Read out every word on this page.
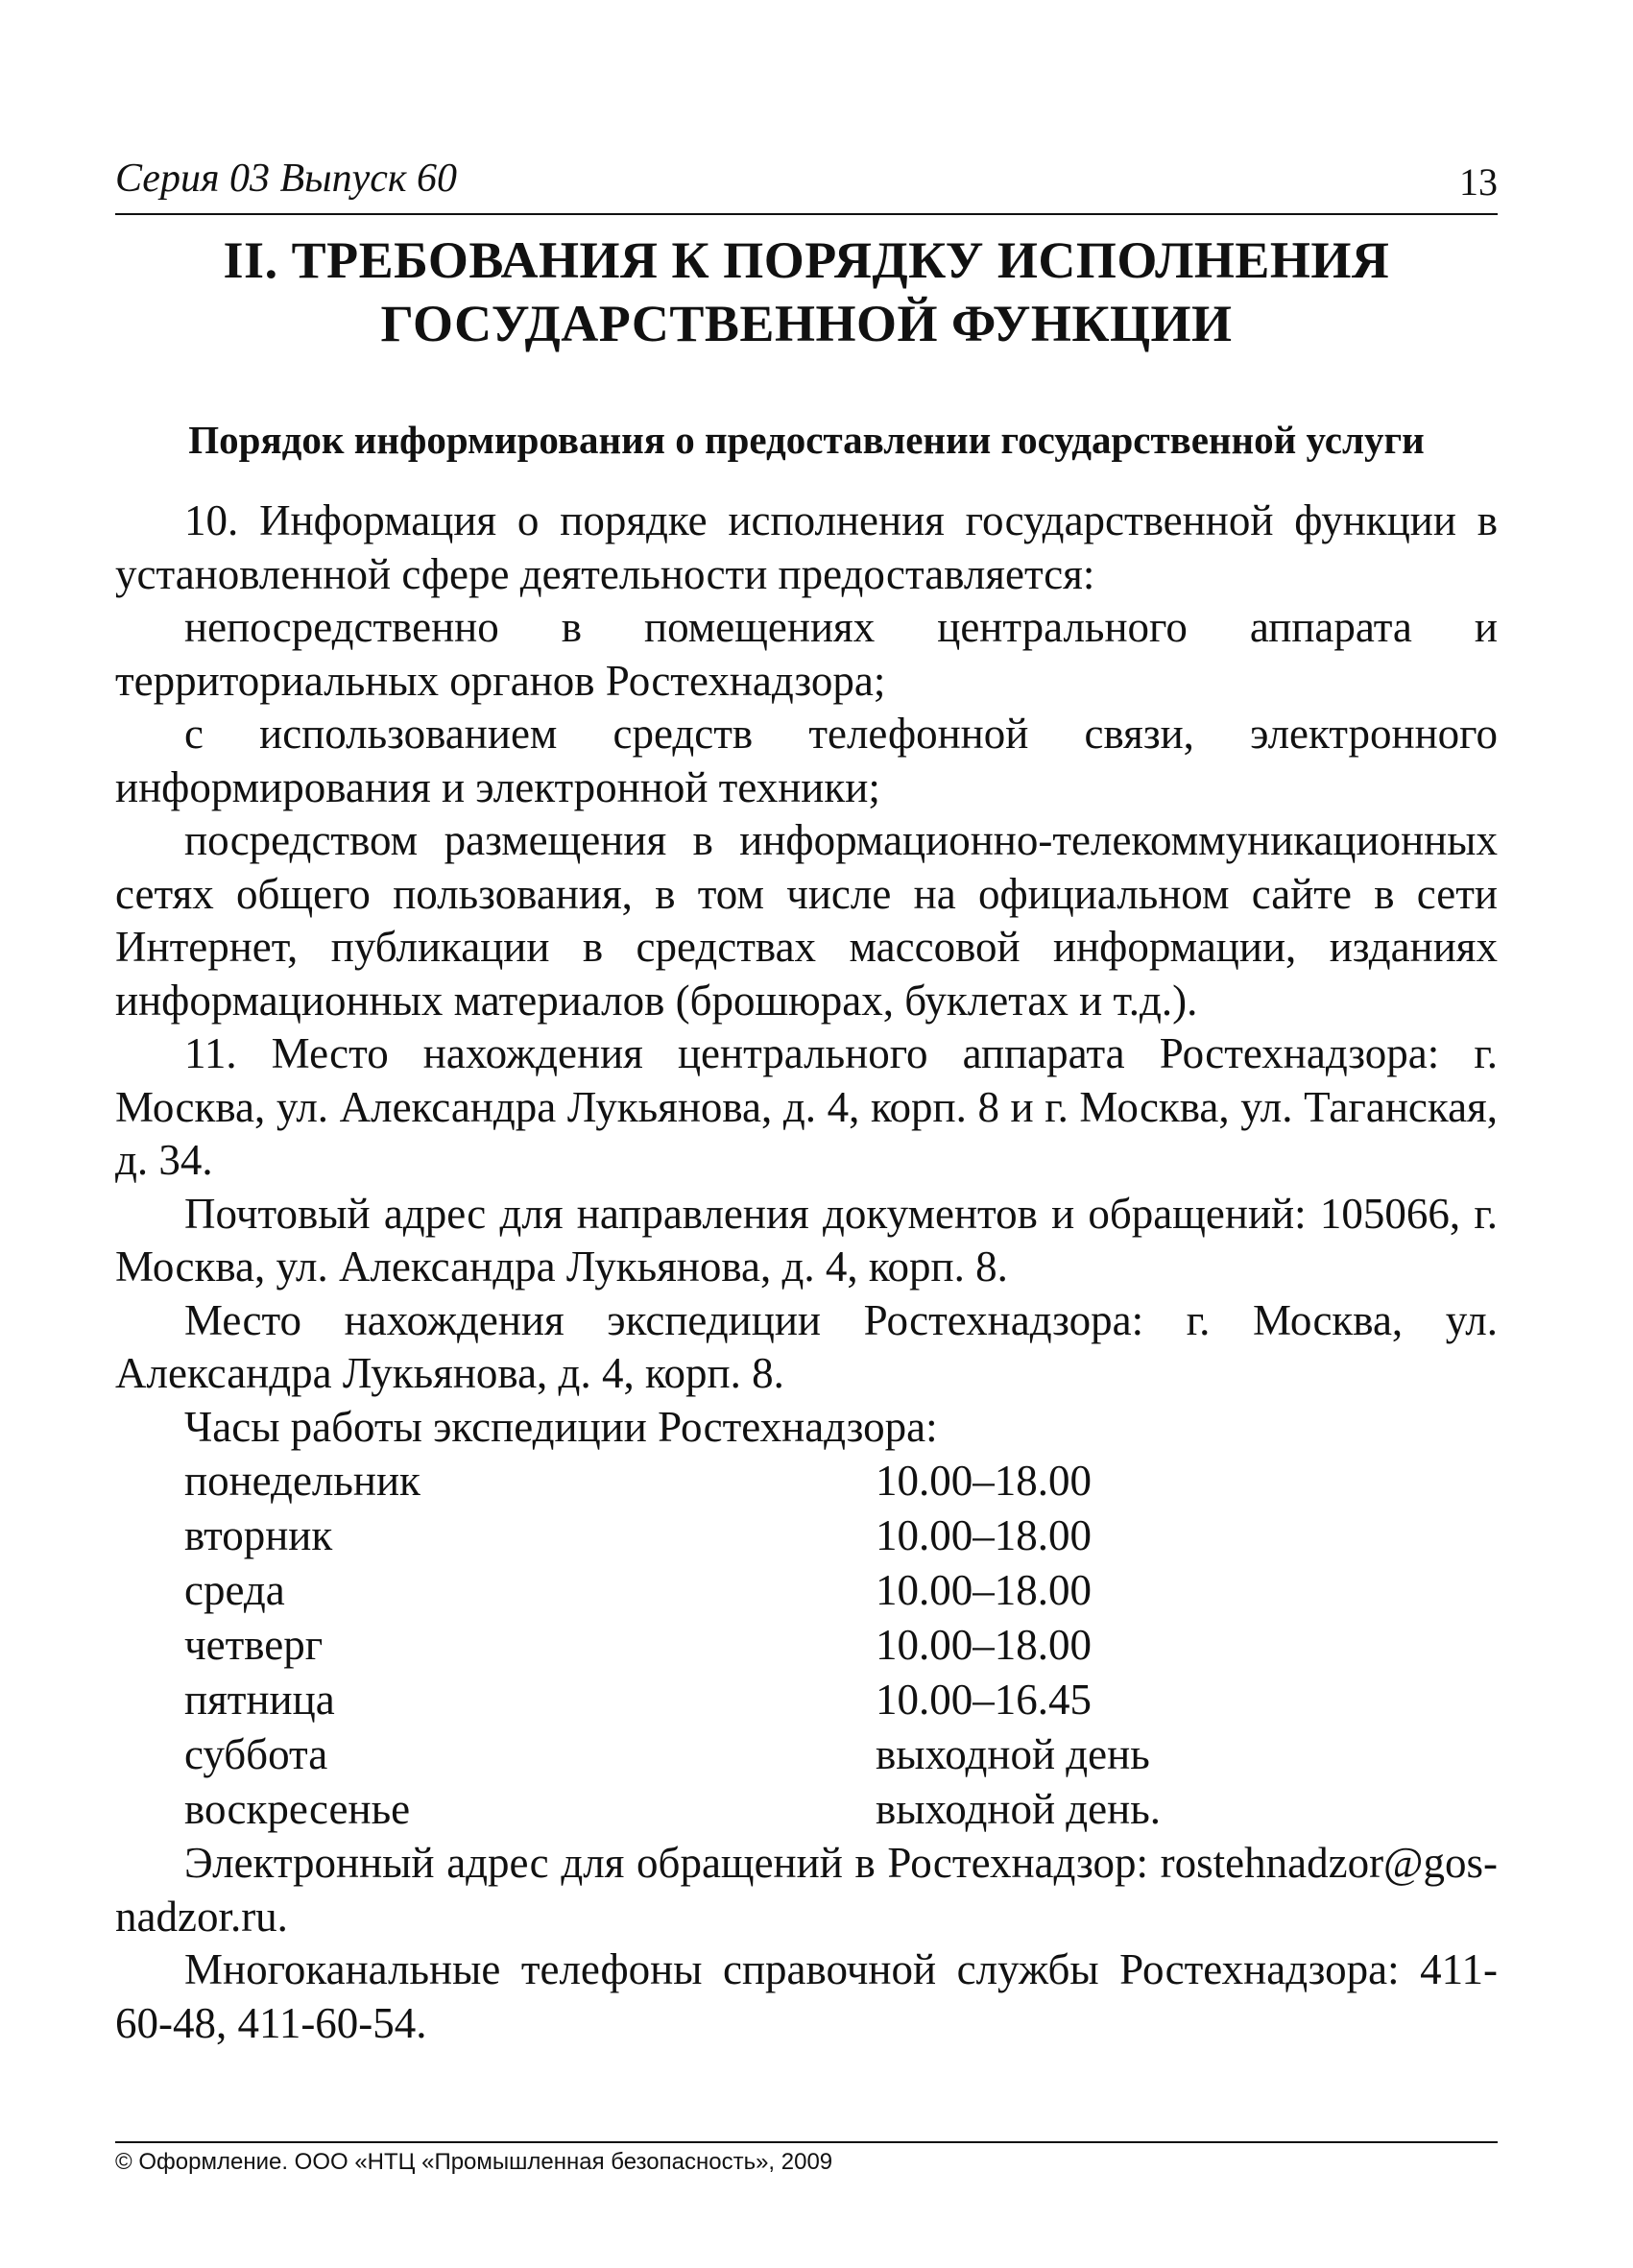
Серия 03 Выпуск 60	13
II. ТРЕБОВАНИЯ К ПОРЯДКУ ИСПОЛНЕНИЯ
ГОСУДАРСТВЕННОЙ ФУНКЦИИ
Порядок информирования о предоставлении государственной услуги

10. Информация о порядке исполнения государственной функции в установленной сфере деятельности предоставляется:

непосредственно в помещениях центрального аппарата и территориальных органов Ростехнадзора;

с использованием средств телефонной связи, электронного информирования и электронной техники;

посредством размещения в информационно-телекоммуникационных сетях общего пользования, в том числе на официальном сайте в сети Интернет, публикации в средствах массовой информации, изданиях информационных материалов (брошюрах, буклетах и т.д.).

11. Место нахождения центрального аппарата Ростехнадзора: г. Москва, ул. Александра Лукьянова, д. 4, корп. 8 и г. Москва, ул. Таганская, д. 34.

Почтовый адрес для направления документов и обращений: 105066, г. Москва, ул. Александра Лукьянова, д. 4, корп. 8.

Место нахождения экспедиции Ростехнадзора: г. Москва, ул. Александра Лукьянова, д. 4, корп. 8.

Часы работы экспедиции Ростехнадзора:

понедельник	10.00–18.00
вторник	10.00–18.00
среда	10.00–18.00
четверг	10.00–18.00
пятница	10.00–16.45
суббота	выходной день
воскресенье	выходной день.

Электронный адрес для обращений в Ростехнадзор: rostehnadzor@gos-nadzor.ru.

Многоканальные телефоны справочной службы Ростехнадзора: 411-60-48, 411-60-54.

© Оформление. ООО «НТЦ «Промышленная безопасность», 2009
